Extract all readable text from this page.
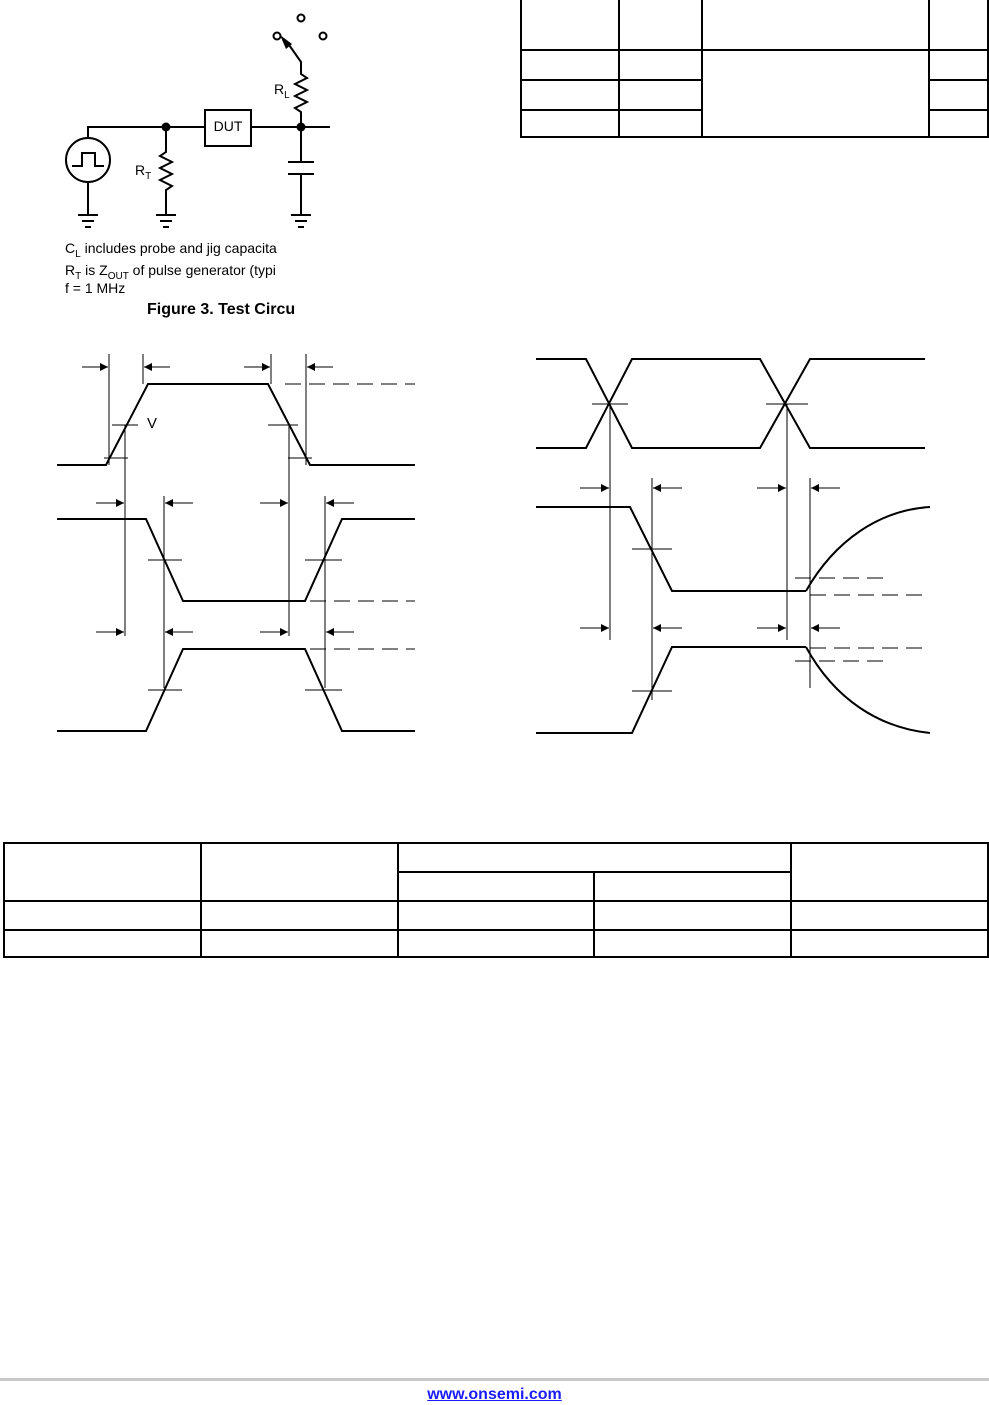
DUT
$R_L$
$R_T$
$C_L$ includes probe and jig capacita
$R_T$ is $Z_{OUT}$ of pulse generator (typi
f = 1 MHz
Figure 3. Test Circu

V

www.onsemi.com
